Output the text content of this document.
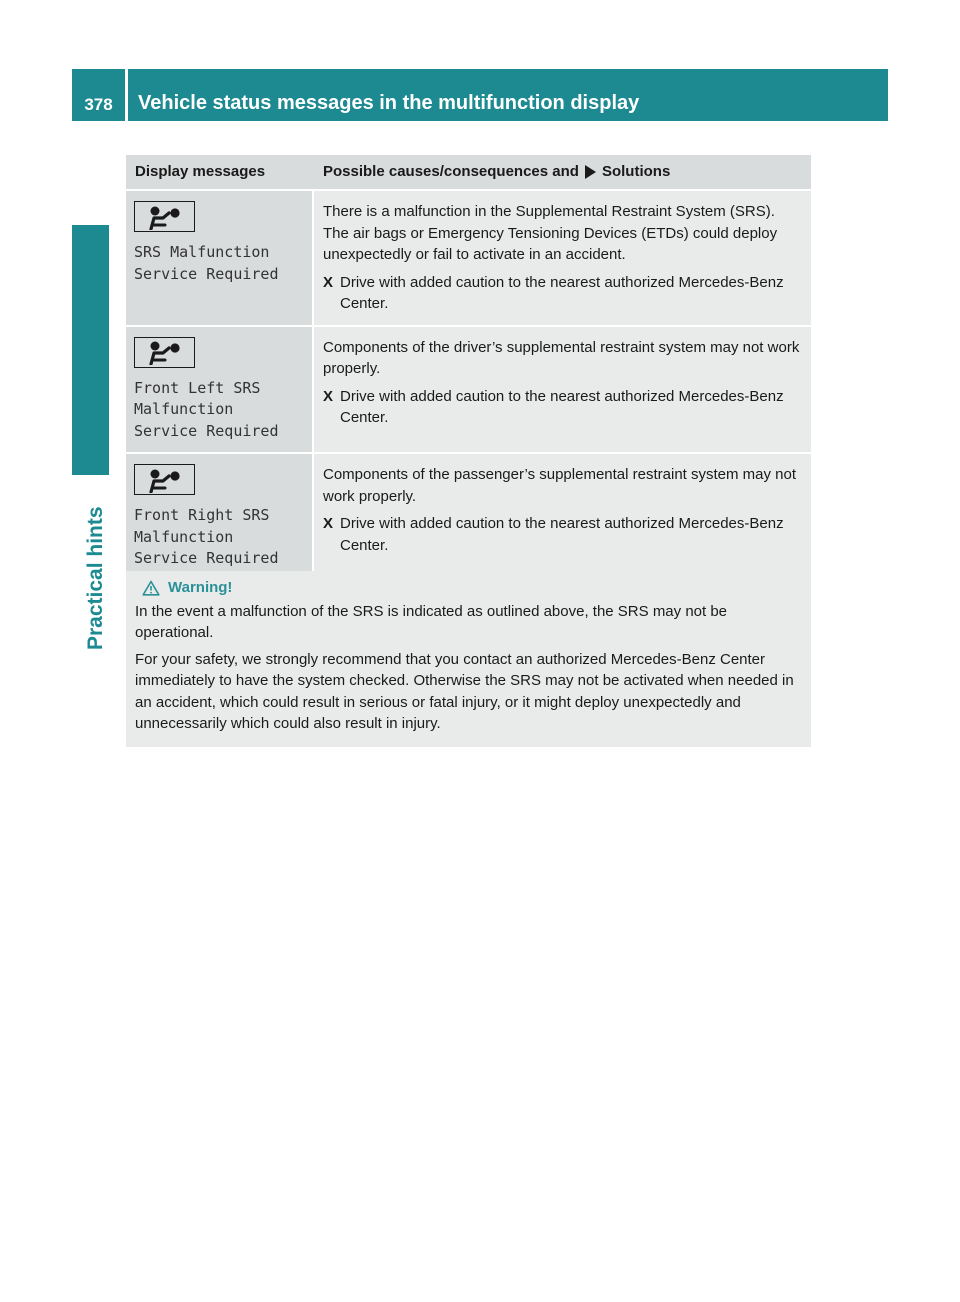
378	Vehicle status messages in the multifunction display
Practical hints
Display messages	Possible causes/consequences and Solutions
SRS Malfunction
Service Required
There is a malfunction in the Supplemental Restraint System (SRS). The air bags or Emergency Tensioning Devices (ETDs) could deploy unexpectedly or fail to activate in an accident.
X Drive with added caution to the nearest authorized Mercedes-Benz Center.
Front Left SRS
Malfunction
Service Required
Components of the driver’s supplemental restraint system may not work properly.
X Drive with added caution to the nearest authorized Mercedes-Benz Center.
Front Right SRS
Malfunction
Service Required
Components of the passenger’s supplemental restraint system may not work properly.
X Drive with added caution to the nearest authorized Mercedes-Benz Center.
Warning!

In the event a malfunction of the SRS is indicated as outlined above, the SRS may not be operational.

For your safety, we strongly recommend that you contact an authorized Mercedes-Benz Center immediately to have the system checked. Otherwise the SRS may not be activated when needed in an accident, which could result in serious or fatal injury, or it might deploy unexpectedly and unnecessarily which could also result in injury.
